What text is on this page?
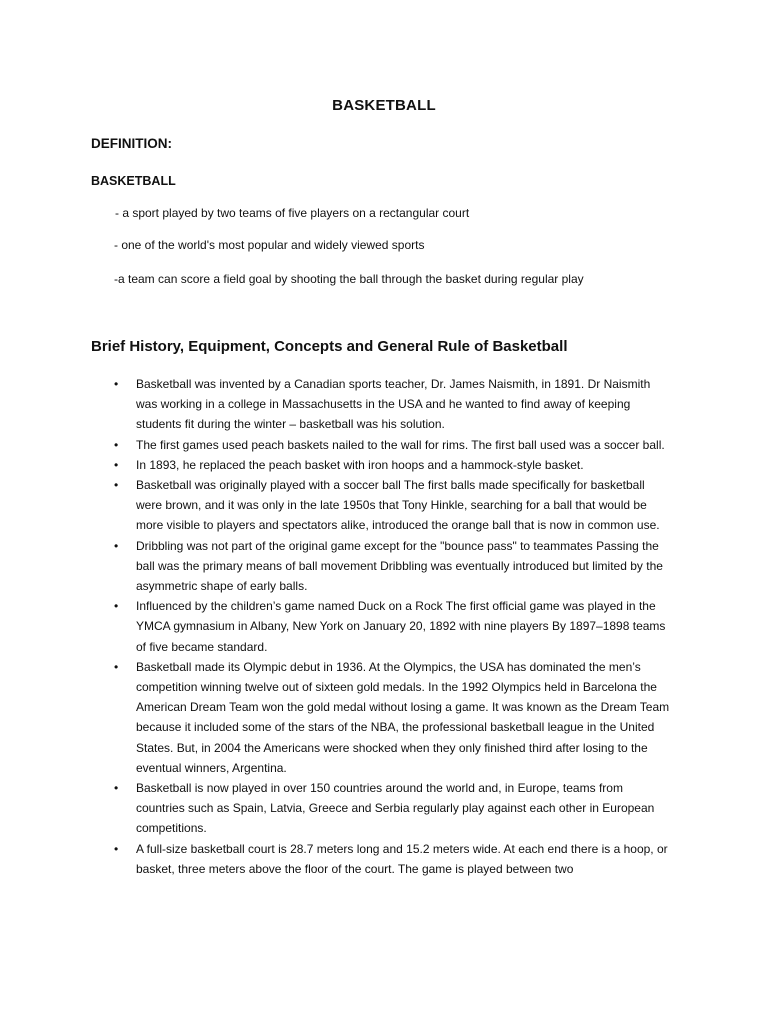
BASKETBALL
DEFINITION:
BASKETBALL
- a sport played by two teams of five players on a rectangular court
- one of the world's most popular and widely viewed sports
-a team can score a field goal by shooting the ball through the basket during regular play
Brief History, Equipment, Concepts and General Rule of Basketball
• Basketball was invented by a Canadian sports teacher, Dr. James Naismith, in 1891. Dr Naismith was working in a college in Massachusetts in the USA and he wanted to find away of keeping students fit during the winter – basketball was his solution.
• The first games used peach baskets nailed to the wall for rims. The first ball used was a soccer ball.
• In 1893, he replaced the peach basket with iron hoops and a hammock-style basket.
• Basketball was originally played with a soccer ball The first balls made specifically for basketball were brown, and it was only in the late 1950s that Tony Hinkle, searching for a ball that would be more visible to players and spectators alike, introduced the orange ball that is now in common use.
• Dribbling was not part of the original game except for the "bounce pass" to teammates Passing the ball was the primary means of ball movement Dribbling was eventually introduced but limited by the asymmetric shape of early balls.
• Influenced by the children’s game named Duck on a Rock The first official game was played in the YMCA gymnasium in Albany, New York on January 20, 1892 with nine players By 1897–1898 teams of five became standard.
• Basketball made its Olympic debut in 1936. At the Olympics, the USA has dominated the men’s competition winning twelve out of sixteen gold medals. In the 1992 Olympics held in Barcelona the American Dream Team won the gold medal without losing a game. It was known as the Dream Team because it included some of the stars of the NBA, the professional basketball league in the United States. But, in 2004 the Americans were shocked when they only finished third after losing to the eventual winners, Argentina.
• Basketball is now played in over 150 countries around the world and, in Europe, teams from countries such as Spain, Latvia, Greece and Serbia regularly play against each other in European competitions.
• A full-size basketball court is 28.7 meters long and 15.2 meters wide. At each end there is a hoop, or basket, three meters above the floor of the court. The game is played between two
